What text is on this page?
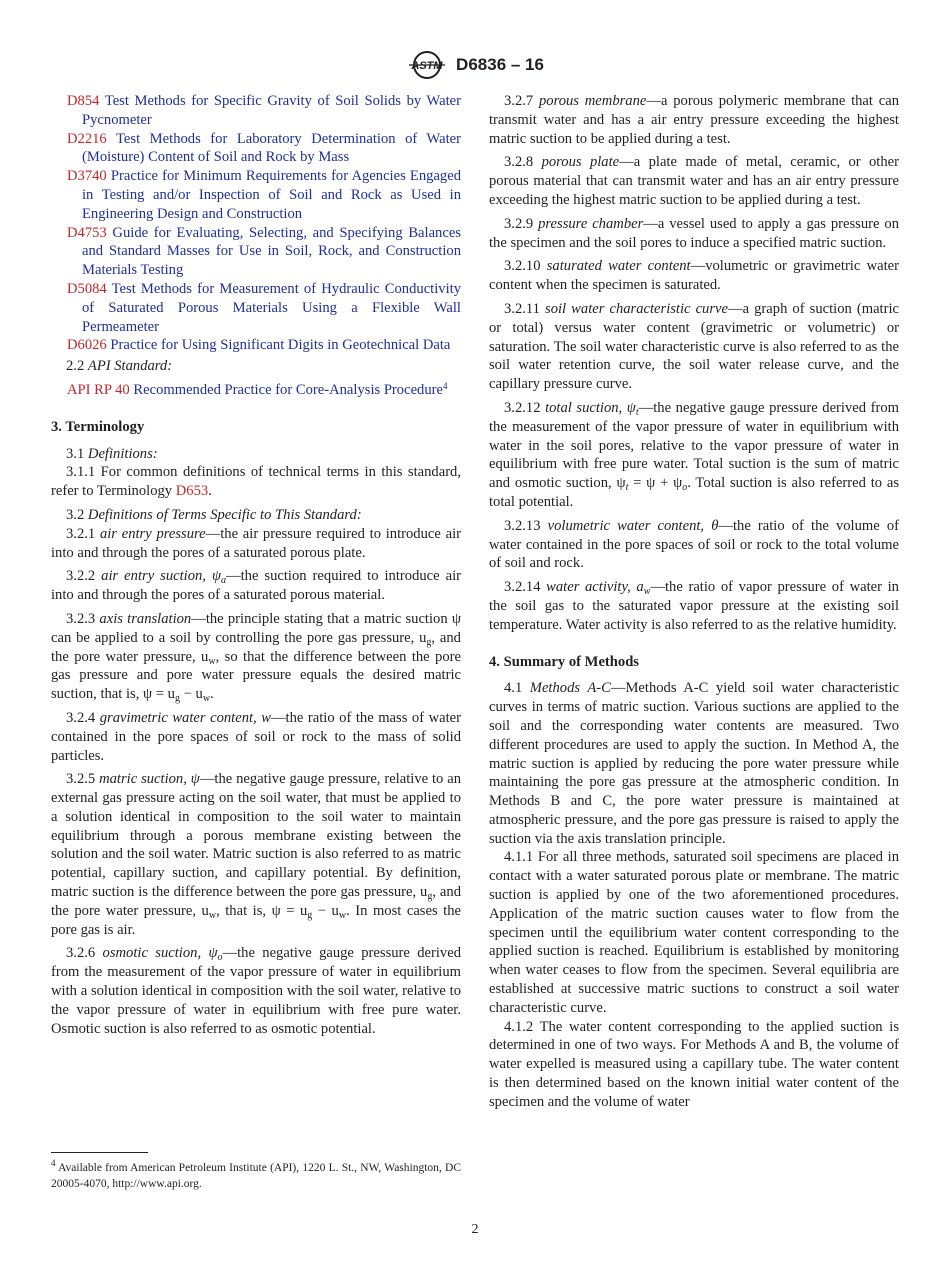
ASTM D6836 – 16

D854 Test Methods for Specific Gravity of Soil Solids by Water Pycnometer

D2216 Test Methods for Laboratory Determination of Water (Moisture) Content of Soil and Rock by Mass

D3740 Practice for Minimum Requirements for Agencies Engaged in Testing and/or Inspection of Soil and Rock as Used in Engineering Design and Construction

D4753 Guide for Evaluating, Selecting, and Specifying Balances and Standard Masses for Use in Soil, Rock, and Construction Materials Testing

D5084 Test Methods for Measurement of Hydraulic Conductivity of Saturated Porous Materials Using a Flexible Wall Permeameter

D6026 Practice for Using Significant Digits in Geotechnical Data

2.2 API Standard:

API RP 40 Recommended Practice for Core-Analysis Procedure$^4$

3. Terminology

3.1 Definitions:

3.1.1 For common definitions of technical terms in this standard, refer to Terminology D653.

3.2 Definitions of Terms Specific to This Standard:

3.2.1 air entry pressure—the air pressure required to introduce air into and through the pores of a saturated porous plate.

3.2.2 air entry suction, $\psi_a—the$ suction required to introduce air into and through the pores of a saturated porous material.

3.2.3 axis translation—the principle stating that a matric suction ψ can be applied to a soil by controlling the pore gas pressure, $u_g$, and the pore water pressure, $u_w$, so that the difference between the pore gas pressure and pore water pressure equals the desired matric suction, that is, $\psi = u_g - u_w$.

3.2.4 gravimetric water content, w—the ratio of the mass of water contained in the pore spaces of soil or rock to the mass of solid particles.

3.2.5 matric suction, ψ—the negative gauge pressure, relative to an external gas pressure acting on the soil water, that must be applied to a solution identical in composition to the soil water to maintain equilibrium through a porous membrane existing between the solution and the soil water. Matric suction is also referred to as matric potential, capillary suction, and capillary potential. By definition, matric suction is the difference between the pore gas pressure, $u_g$, and the pore water pressure, $u_w$, that is, $\psi = u_g - u_w$. In most cases the pore gas is air.

3.2.6 osmotic suction, $\psi_o—the$ negative gauge pressure derived from the measurement of the vapor pressure of water in equilibrium with a solution identical in composition with the soil water, relative to the vapor pressure of water in equilibrium with free pure water. Osmotic suction is also referred to as osmotic potential.

3.2.7 porous membrane—a porous polymeric membrane that can transmit water and has a air entry pressure exceeding the highest matric suction to be applied during a test.

3.2.8 porous plate—a plate made of metal, ceramic, or other porous material that can transmit water and has an air entry pressure exceeding the highest matric suction to be applied during a test.

3.2.9 pressure chamber—a vessel used to apply a gas pressure on the specimen and the soil pores to induce a specified matric suction.

3.2.10 saturated water content—volumetric or gravimetric water content when the specimen is saturated.

3.2.11 soil water characteristic curve—a graph of suction (matric or total) versus water content (gravimetric or volumetric) or saturation. The soil water characteristic curve is also referred to as the soil water retention curve, the soil water release curve, and the capillary pressure curve.

3.2.12 total suction, $\psi_t—the$ negative gauge pressure derived from the measurement of the vapor pressure of water in equilibrium with water in the soil pores, relative to the vapor pressure of water in equilibrium with free pure water. Total suction is the sum of matric and osmotic suction, $\psi_t = \psi + \psi_o$. Total suction is also referred to as total potential.

3.2.13 volumetric water content, θ—the ratio of the volume of water contained in the pore spaces of soil or rock to the total volume of soil and rock.

3.2.14 water activity, $a_w—the$ ratio of vapor pressure of water in the soil gas to the saturated vapor pressure at the existing soil temperature. Water activity is also referred to as the relative humidity.

4. Summary of Methods

4.1 Methods A-C—Methods A-C yield soil water characteristic curves in terms of matric suction. Various suctions are applied to the soil and the corresponding water contents are measured. Two different procedures are used to apply the suction. In Method A, the matric suction is applied by reducing the pore water pressure while maintaining the pore gas pressure at the atmospheric condition. In Methods B and C, the pore water pressure is maintained at atmospheric pressure, and the pore gas pressure is raised to apply the suction via the axis translation principle.

4.1.1 For all three methods, saturated soil specimens are placed in contact with a water saturated porous plate or membrane. The matric suction is applied by one of the two aforementioned procedures. Application of the matric suction causes water to flow from the specimen until the equilibrium water content corresponding to the applied suction is reached. Equilibrium is established by monitoring when water ceases to flow from the specimen. Several equilibria are established at successive matric suctions to construct a soil water characteristic curve.

4.1.2 The water content corresponding to the applied suction is determined in one of two ways. For Methods A and B, the volume of water expelled is measured using a capillary tube. The water content is then determined based on the known initial water content of the specimen and the volume of water

$^4$ Available from American Petroleum Institute (API), 1220 L. St., NW, Washington, DC 20005-4070, http://www.api.org.
2
